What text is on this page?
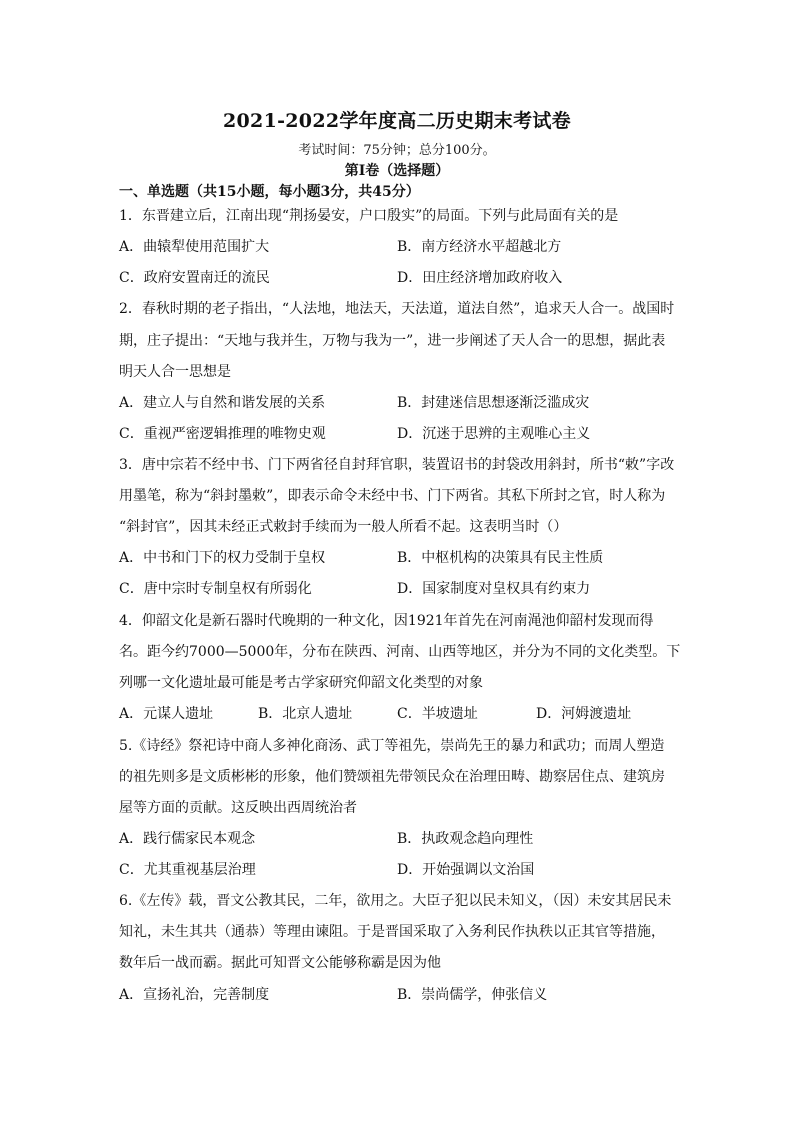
2021-2022学年度高二历史期末考试卷
考试时间：75分钟；总分100分。
第I卷（选择题）
一、单选题（共15小题，每小题3分，共45分）
1．东晋建立后，江南出现“荆扬晏安，户口殷实”的局面。下列与此局面有关的是
A．曲辕犁使用范围扩大	B．南方经济水平超越北方
C．政府安置南迁的流民	D．田庄经济增加政府收入
2．春秋时期的老子指出，“人法地，地法天，天法道，道法自然”，追求天人合一。战国时
期，庄子提出：“天地与我并生，万物与我为一”，进一步阐述了天人合一的思想，据此表
明天人合一思想是
A．建立人与自然和谐发展的关系	B．封建迷信思想逐渐泛滥成灾
C．重视严密逻辑推理的唯物史观	D．沉迷于思辨的主观唯心主义
3．唐中宗若不经中书、门下两省径自封拜官职，装置诏书的封袋改用斜封，所书“敕”字改
用墨笔，称为“斜封墨敕”，即表示命令未经中书、门下两省。其私下所封之官，时人称为
“斜封官”，因其未经正式敕封手续而为一般人所看不起。这表明当时（）
A．中书和门下的权力受制于皇权	B．中枢机构的决策具有民主性质
C．唐中宗时专制皇权有所弱化	D．国家制度对皇权具有约束力
4．仰韶文化是新石器时代晚期的一种文化，因1921年首先在河南渑池仰韶村发现而得
名。距今约7000—5000年，分布在陕西、河南、山西等地区，并分为不同的文化类型。下
列哪一文化遗址最可能是考古学家研究仰韶文化类型的对象
A．元谋人遗址	B．北京人遗址	C．半坡遗址	D．河姆渡遗址
5.《诗经》祭祀诗中商人多神化商汤、武丁等祖先，崇尚先王的暴力和武功；而周人塑造
的祖先则多是文质彬彬的形象，他们赞颂祖先带领民众在治理田畴、勘察居住点、建筑房
屋等方面的贡献。这反映出西周统治者
A．践行儒家民本观念	B．执政观念趋向理性
C．尤其重视基层治理	D．开始强调以文治国
6.《左传》载，晋文公教其民，二年，欲用之。大臣子犯以民未知义，（因）未安其居民未
知礼，未生其共（通恭）等理由谏阻。于是晋国采取了入务利民作执秩以正其官等措施，
数年后一战而霸。据此可知晋文公能够称霸是因为他
A．宣扬礼治，完善制度	B．崇尚儒学，伸张信义
